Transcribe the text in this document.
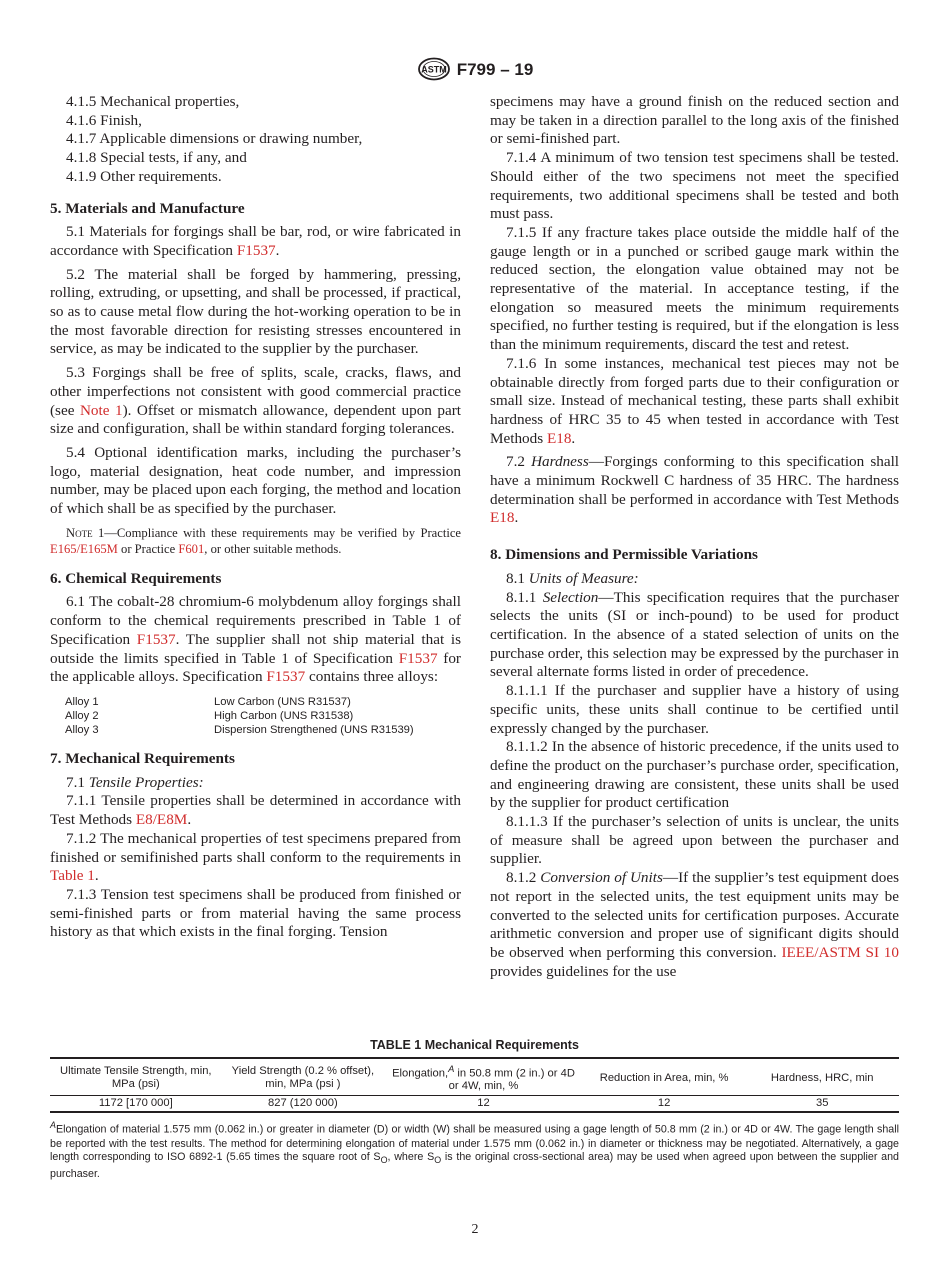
ASTM F799 – 19

4.1.5 Mechanical properties,

4.1.6 Finish,

4.1.7 Applicable dimensions or drawing number,

4.1.8 Special tests, if any, and

4.1.9 Other requirements.

5. Materials and Manufacture

5.1 Materials for forgings shall be bar, rod, or wire fabricated in accordance with Specification F1537.

5.2 The material shall be forged by hammering, pressing, rolling, extruding, or upsetting, and shall be processed, if practical, so as to cause metal flow during the hot-working operation to be in the most favorable direction for resisting stresses encountered in service, as may be indicated to the supplier by the purchaser.

5.3 Forgings shall be free of splits, scale, cracks, flaws, and other imperfections not consistent with good commercial practice (see Note 1). Offset or mismatch allowance, dependent upon part size and configuration, shall be within standard forging tolerances.

5.4 Optional identification marks, including the purchaser’s logo, material designation, heat code number, and impression number, may be placed upon each forging, the method and location of which shall be as specified by the purchaser.

Note 1—Compliance with these requirements may be verified by Practice E165/E165M or Practice F601, or other suitable methods.
6. Chemical Requirements

6.1 The cobalt-28 chromium-6 molybdenum alloy forgings shall conform to the chemical requirements prescribed in Table 1 of Specification F1537. The supplier shall not ship material that is outside the limits specified in Table 1 of Specification F1537 for the applicable alloys. Specification F1537 contains three alloys:

Alloy 1	Low Carbon (UNS R31537)
Alloy 2	High Carbon (UNS R31538)
Alloy 3	Dispersion Strengthened (UNS R31539)
7. Mechanical Requirements

7.1 Tensile Properties:

7.1.1 Tensile properties shall be determined in accordance with Test Methods E8/E8M.

7.1.2 The mechanical properties of test specimens prepared from finished or semifinished parts shall conform to the requirements in Table 1.

7.1.3 Tension test specimens shall be produced from finished or semi-finished parts or from material having the same process history as that which exists in the final forging. Tension

specimens may have a ground finish on the reduced section and may be taken in a direction parallel to the long axis of the finished or semi-finished part.

7.1.4 A minimum of two tension test specimens shall be tested. Should either of the two specimens not meet the specified requirements, two additional specimens shall be tested and both must pass.

7.1.5 If any fracture takes place outside the middle half of the gauge length or in a punched or scribed gauge mark within the reduced section, the elongation value obtained may not be representative of the material. In acceptance testing, if the elongation so measured meets the minimum requirements specified, no further testing is required, but if the elongation is less than the minimum requirements, discard the test and retest.

7.1.6 In some instances, mechanical test pieces may not be obtainable directly from forged parts due to their configuration or small size. Instead of mechanical testing, these parts shall exhibit hardness of HRC 35 to 45 when tested in accordance with Test Methods E18.

7.2 Hardness—Forgings conforming to this specification shall have a minimum Rockwell C hardness of 35 HRC. The hardness determination shall be performed in accordance with Test Methods E18.

8. Dimensions and Permissible Variations

8.1 Units of Measure:

8.1.1 Selection—This specification requires that the purchaser selects the units (SI or inch-pound) to be used for product certification. In the absence of a stated selection of units on the purchase order, this selection may be expressed by the purchaser in several alternate forms listed in order of precedence.

8.1.1.1 If the purchaser and supplier have a history of using specific units, these units shall continue to be certified until expressly changed by the purchaser.

8.1.1.2 In the absence of historic precedence, if the units used to define the product on the purchaser’s purchase order, specification, and engineering drawing are consistent, these units shall be used by the supplier for product certification

8.1.1.3 If the purchaser’s selection of units is unclear, the units of measure shall be agreed upon between the purchaser and supplier.

8.1.2 Conversion of Units—If the supplier’s test equipment does not report in the selected units, the test equipment units may be converted to the selected units for certification purposes. Accurate arithmetic conversion and proper use of significant digits should be observed when performing this conversion. IEEE/ASTM SI 10 provides guidelines for the use

TABLE 1 Mechanical Requirements
Ultimate Tensile Strength, min, MPa (psi)	Yield Strength (0.2 % offset), min, MPa (psi )	Elongation,$^A$ in 50.8 mm (2 in.) or 4D or 4W, min, %	Reduction in Area, min, %	Hardness, HRC, min
1172 [170 000]	827 (120 000)	12	12	35
$^A$Elongation of material 1.575 mm (0.062 in.) or greater in diameter (D) or width (W) shall be measured using a gage length of 50.8 mm (2 in.) or 4D or 4W. The gage length shall be reported with the test results. The method for determining elongation of material under 1.575 mm (0.062 in.) in diameter or thickness may be negotiated. Alternatively, a gage length corresponding to ISO 6892-1 (5.65 times the square root of $S_O$, where $S_O$ is the original cross-sectional area) may be used when agreed upon between the supplier and purchaser.
2
